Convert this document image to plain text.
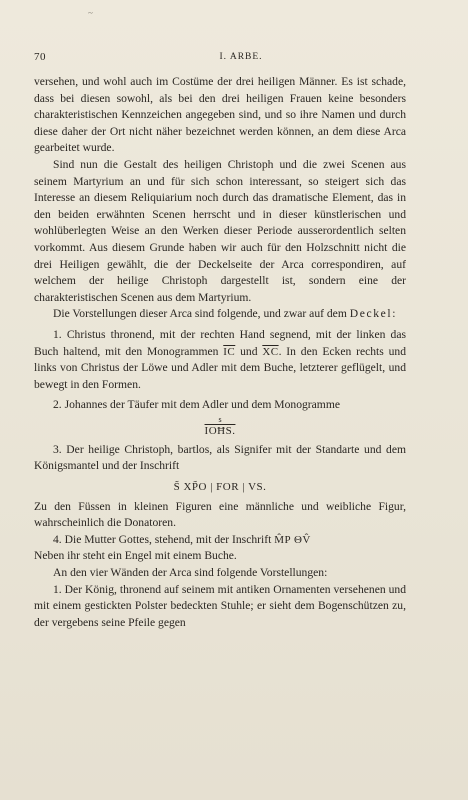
~
70	I. ARBE.

versehen, und wohl auch im Costüme der drei heiligen Männer. Es ist schade, dass bei diesen sowohl, als bei den drei heiligen Frauen keine besonders charakteristischen Kennzeichen angegeben sind, und so ihre Namen und durch diese daher der Ort nicht näher bezeichnet werden können, an dem diese Arca gearbeitet wurde.

Sind nun die Gestalt des heiligen Christoph und die zwei Scenen aus seinem Martyrium an und für sich schon interessant, so steigert sich das Interesse an diesem Reliquiarium noch durch das dramatische Element, das in den beiden erwähnten Scenen herrscht und in dieser künstlerischen und wohlüberlegten Weise an den Werken dieser Periode ausserordentlich selten vorkommt. Aus diesem Grunde haben wir auch für den Holzschnitt nicht die drei Heiligen gewählt, die der Deckelseite der Arca correspondiren, auf welchem der heilige Christoph dargestellt ist, sondern eine der charakteristischen Scenen aus dem Martyrium.

Die Vorstellungen dieser Arca sind folgende, und zwar auf dem Deckel:

1. Christus thronend, mit der rechten Hand segnend, mit der linken das Buch haltend, mit den Monogrammen $\overline{IC}$ und $\overline{XC}$. In den Ecken rechts und links von Christus der Löwe und Adler mit dem Buche, letzterer geflügelt, und bewegt in den Formen.

2. Johannes der Täufer mit dem Adler und dem Monogramme

s

IOĦS.

3. Der heilige Christoph, bartlos, als Signifer mit der Standarte und dem Königsmantel und der Inschrift

S̃ XP̃O | FOR | VS.

Zu den Füssen in kleinen Figuren eine männliche und weibliche Figur, wahrscheinlich die Donatoren.

4. Die Mutter Gottes, stehend, mit der Inschrift M̂P ΘV̂

Neben ihr steht ein Engel mit einem Buche.

An den vier Wänden der Arca sind folgende Vorstellungen:

1. Der König, thronend auf seinem mit antiken Ornamenten versehenen und mit einem gestickten Polster bedeckten Stuhle; er sieht dem Bogenschützen zu, der vergebens seine Pfeile gegen
